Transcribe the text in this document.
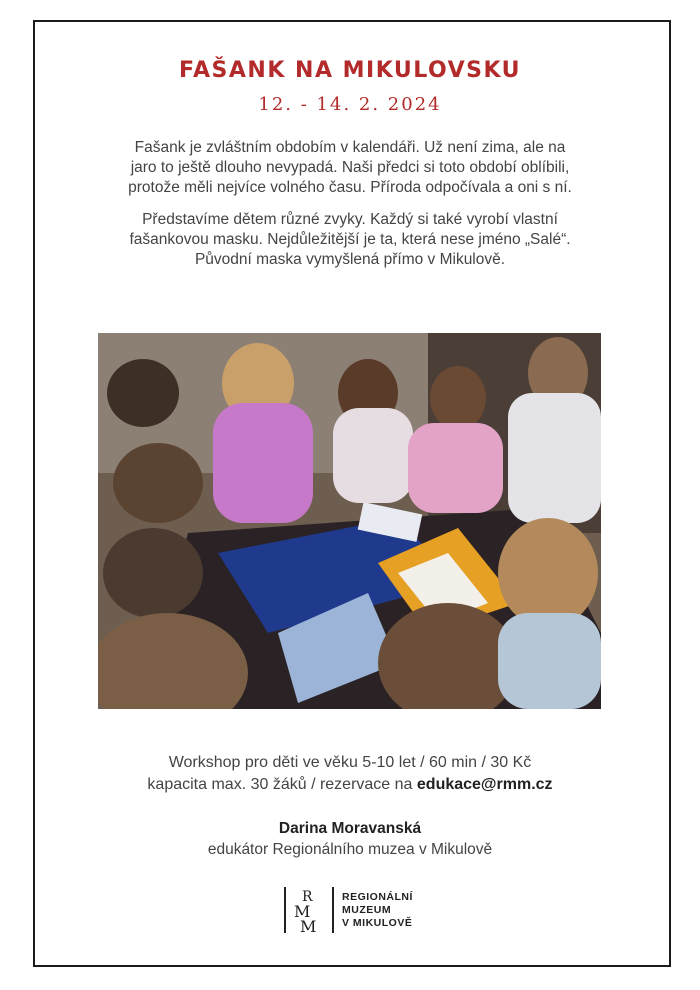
FAŠANK NA MIKULOVSKU
12. - 14. 2. 2024
Fašank je zvláštním obdobím v kalendáři. Už není zima, ale na
jaro to ještě dlouho nevypadá. Naši předci si toto období oblíbili,
protože měli nejvíce volného času. Příroda odpočívala a oni s ní.
Představíme dětem různé zvyky. Každý si také vyrobí vlastní
fašankovou masku. Nejdůležitější je ta, která nese jméno „Salé“.
Původní maska vymyšlená přímo v Mikulově.
Workshop pro děti ve věku 5-10 let / 60 min / 30 Kč
kapacita max. 30 žáků / rezervace na edukace@rmm.cz
Darina Moravanská
edukátor Regionálního muzea v Mikulově
R
M
M
REGIONÁLNÍ
MUZEUM
V MIKULOVĚ
